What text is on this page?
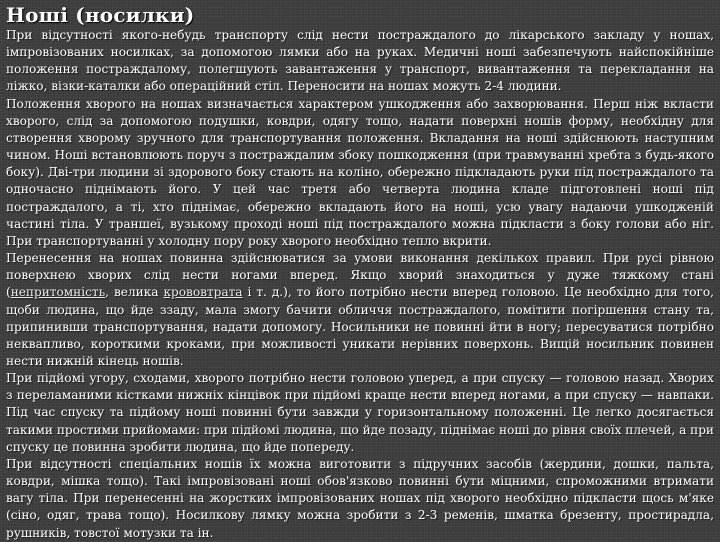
Ноші (носилки)

При відсутності якого-небудь транспорту слід нести постраждалого до лікарського закладу у ношах, імпровізованих носилках, за допомогою лямки або на руках. Медичні ноші забезпечують найспокійніше положення постраждалому, полегшують завантаження у транспорт, вивантаження та перекладання на ліжко, візки-каталки або операційний стіл. Переносити на ношах можуть 2-4 людини.

Положення хворого на ношах визначається характером ушкодження або захворювання. Перш ніж вкласти хворого, слід за допомогою подушки, ковдри, одягу тощо, надати поверхні ношів форму, необхідну для створення хворому зручного для транспортування положення. Вкладання на ноші здійснюють наступним чином. Ноші встановлюють поруч з постраждалим збоку пошкодження (при травмуванні хребта з будь-якого боку). Дві-три людини зі здорового боку стають на коліно, обережно підкладають руки під постраждалого та одночасно піднімають його. У цей час третя або четверта людина кладе підготовлені ноші під постраждалого, а ті, хто піднімає, обережно вкладають його на ноші, усю увагу надаючи ушкодженій частині тіла. У траншеї, вузькому проході ноші під постраждалого можна підкласти з боку голови або ніг. При транспортуванні у холодну пору року хворого необхідно тепло вкрити.

Перенесення на ношах повинна здійснюватися за умови виконання декількох правил. При русі рівною поверхнею хворих слід нести ногами вперед. Якщо хворий знаходиться у дуже тяжкому стані (непритомність, велика крововтрата і т. д.), то його потрібно нести вперед головою. Це необхідно для того, щоби людина, що йде ззаду, мала змогу бачити обличчя постраждалого, помітити погіршення стану та, припинивши транспортування, надати допомогу. Носильники не повинні йти в ногу; пересуватися потрібно неквапливо, короткими кроками, при можливості уникати нерівних поверхонь. Вищій носильник повинен нести нижній кінець ношів.

При підйомі угору, сходами, хворого потрібно нести головою уперед, а при спуску — головою назад. Хворих з переламаними кістками нижніх кінцівок при підйомі краще нести вперед ногами, а при спуску — навпаки. Під час спуску та підйому ноші повинні бути завжди у горизонтальному положенні. Це легко досягається такими простими прийомами: при підйомі людина, що йде позаду, піднімає ноші до рівня своїх плечей, а при спуску це повинна зробити людина, що йде попереду.

При відсутності спеціальних ношів їх можна виготовити з підручних засобів (жердини, дошки, пальта, ковдри, мішка тощо). Такі імпровізовані ноші обов'язково повинні бути міцними, спроможними втримати вагу тіла. При перенесенні на жорстких імпровізованих ношах під хворого необхідно підкласти щось м'яке (сіно, одяг, трава тощо). Носилкову лямку можна зробити з 2-3 ременів, шматка брезенту, простирадла, рушників, товстої мотузки та ін.
